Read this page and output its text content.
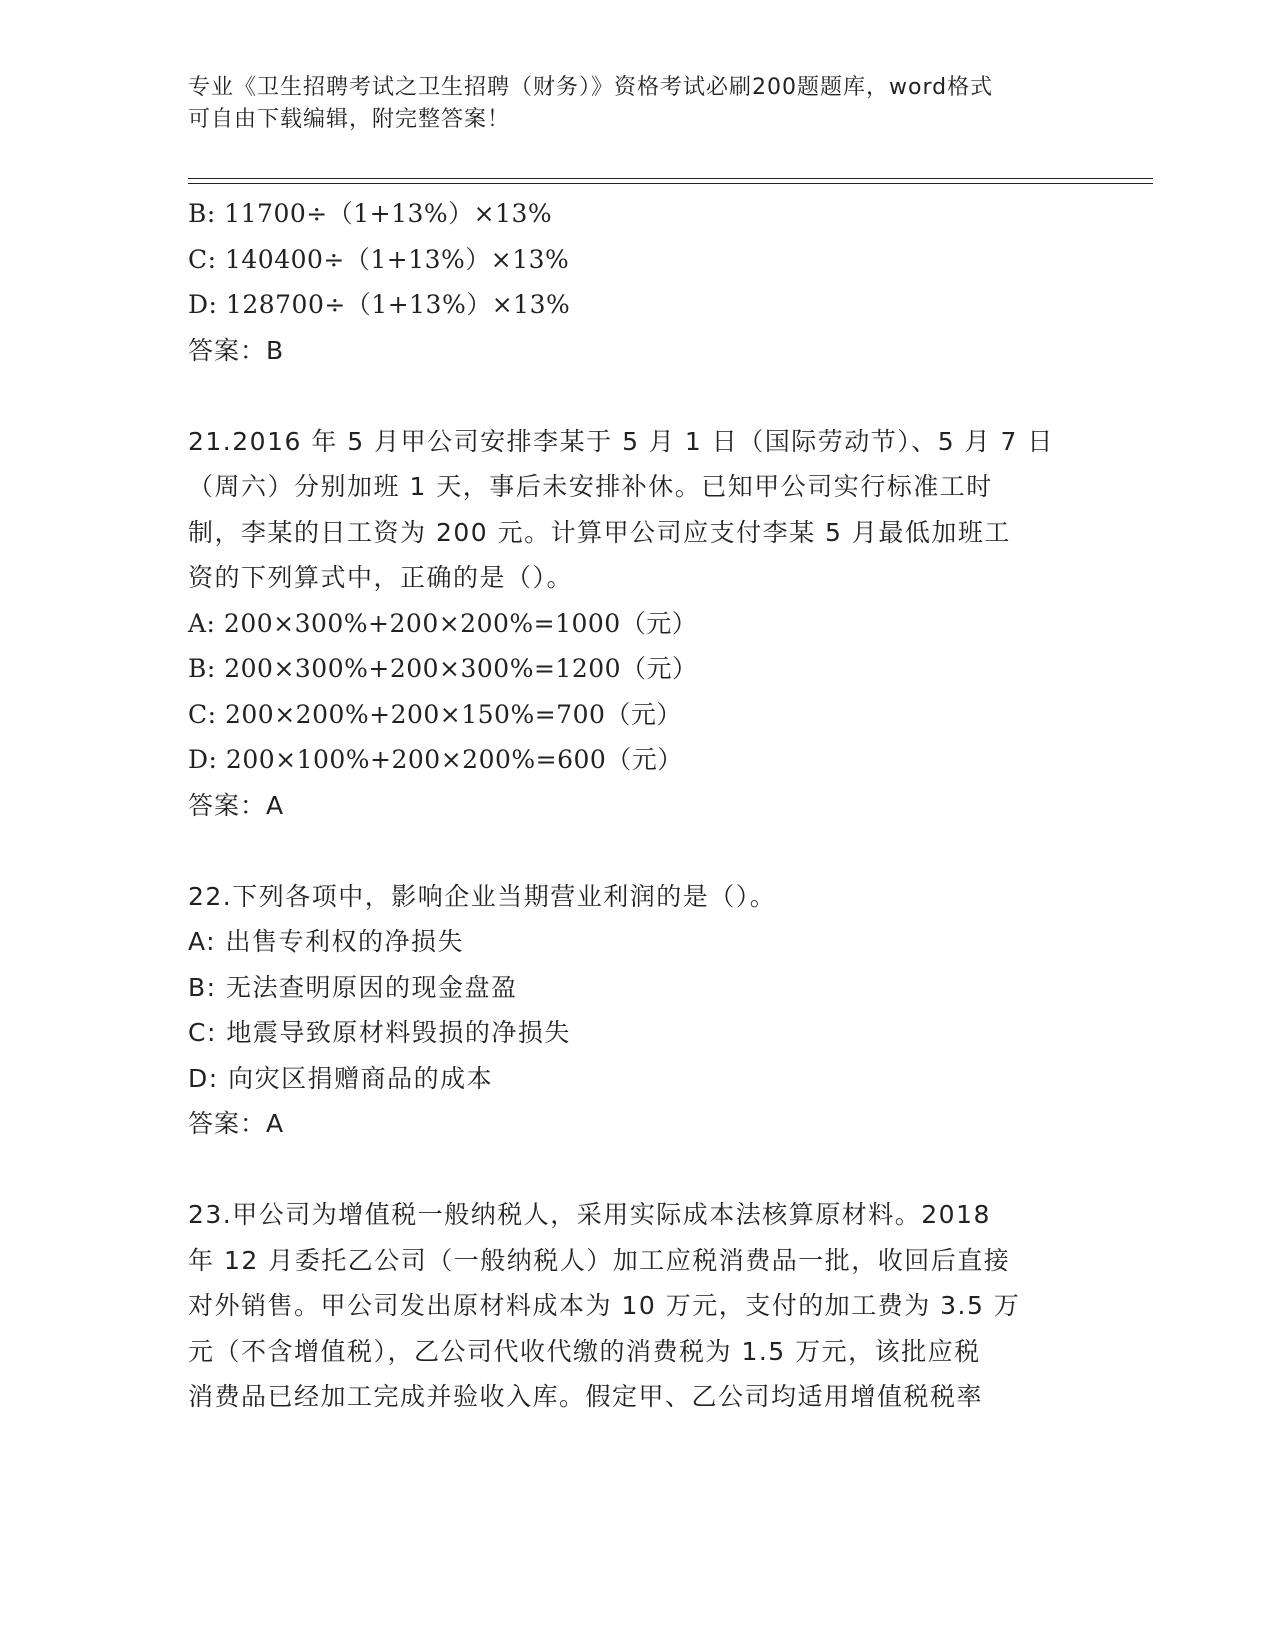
专业《卫生招聘考试之卫生招聘（财务）》资格考试必刷200题题库，word格式
可自由下载编辑，附完整答案！
B: 11700÷（1+13%）×13%
C: 140400÷（1+13%）×13%
D: 128700÷（1+13%）×13%
答案：B
21.2016 年 5 月甲公司安排李某于 5 月 1 日（国际劳动节）、5 月 7 日
（周六）分别加班 1 天，事后未安排补休。已知甲公司实行标准工时
制，李某的日工资为 200 元。计算甲公司应支付李某 5 月最低加班工
资的下列算式中，正确的是（）。
A: 200×300%+200×200%=1000（元）
B: 200×300%+200×300%=1200（元）
C: 200×200%+200×150%=700（元）
D: 200×100%+200×200%=600（元）
答案：A
22.下列各项中，影响企业当期营业利润的是（）。
A: 出售专利权的净损失
B: 无法查明原因的现金盘盈
C: 地震导致原材料毁损的净损失
D: 向灾区捐赠商品的成本
答案：A
23.甲公司为增值税一般纳税人，采用实际成本法核算原材料。2018
年 12 月委托乙公司（一般纳税人）加工应税消费品一批，收回后直接
对外销售。甲公司发出原材料成本为 10 万元，支付的加工费为 3.5 万
元（不含增值税），乙公司代收代缴的消费税为 1.5 万元，该批应税
消费品已经加工完成并验收入库。假定甲、乙公司均适用增值税税率
